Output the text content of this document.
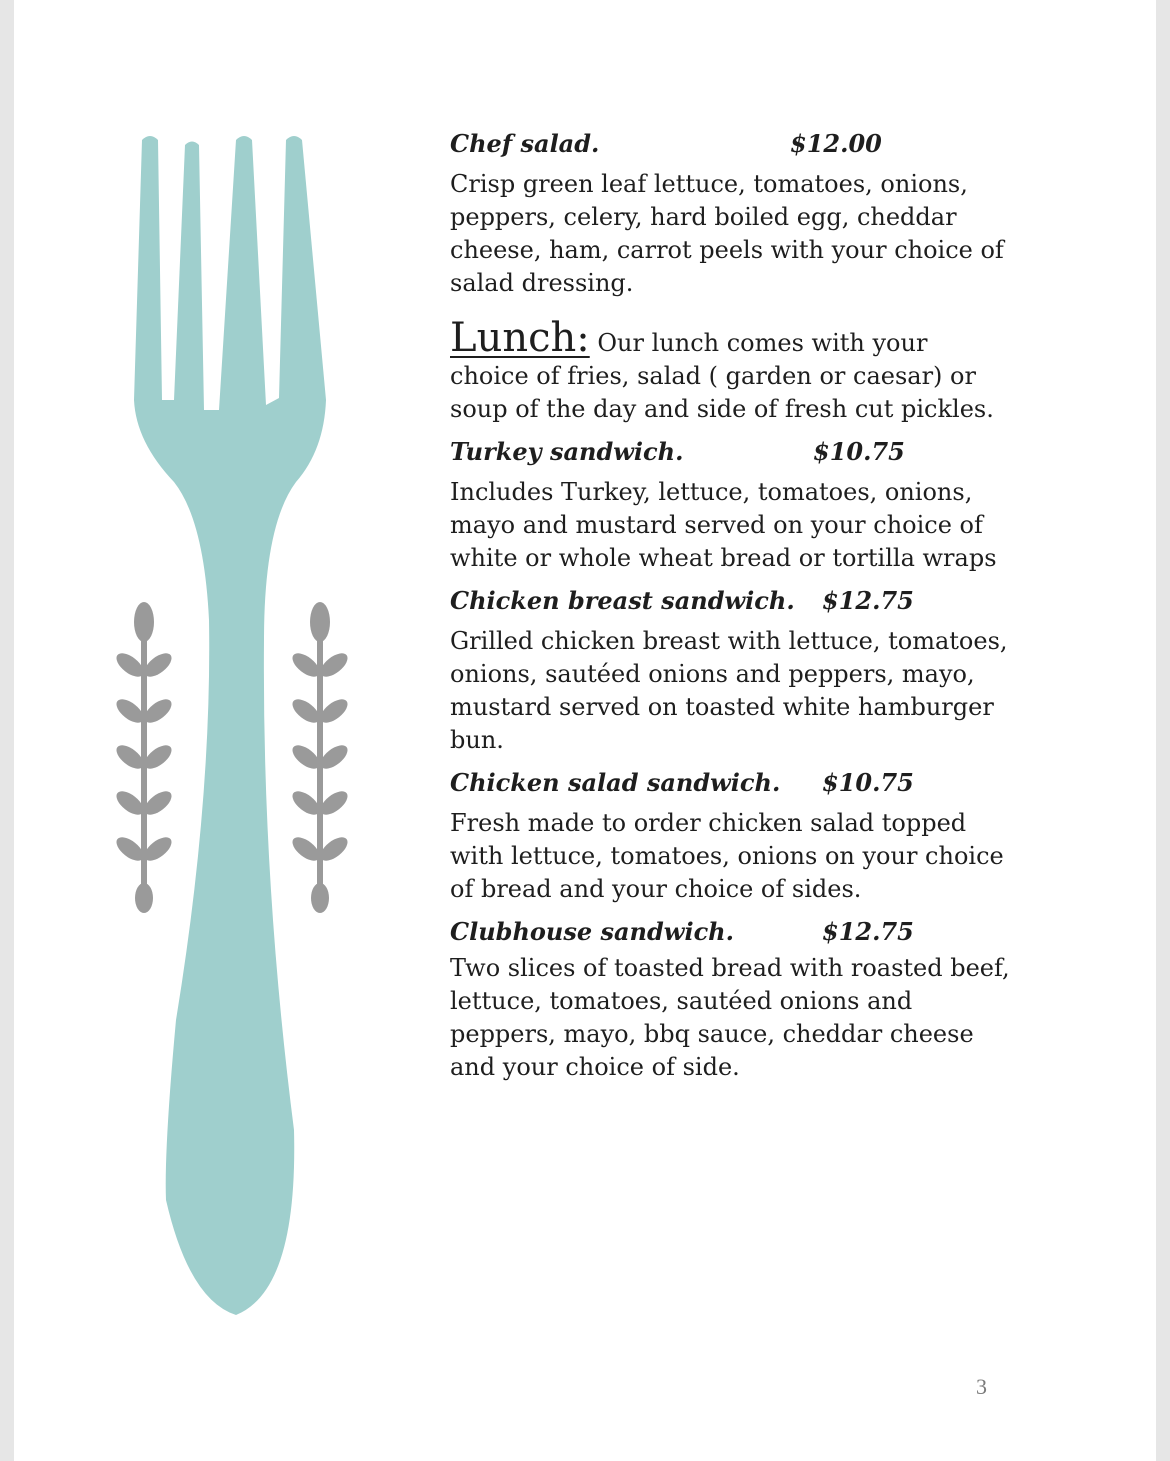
Chef salad.	$12.00

Crisp green leaf lettuce, tomatoes, onions, peppers, celery, hard boiled egg, cheddar cheese, ham, carrot peels with your choice of salad dressing.

Lunch: Our lunch comes with your choice of fries, salad ( garden or caesar) or soup of the day and side of fresh cut pickles.

Turkey sandwich.	$10.75

Includes Turkey, lettuce, tomatoes, onions, mayo and mustard served on your choice of white or whole wheat bread or tortilla wraps

Chicken breast sandwich.	$12.75

Grilled chicken breast with lettuce, tomatoes, onions, sautéed onions and peppers, mayo, mustard served on toasted white hamburger bun.

Chicken salad sandwich.	$10.75

Fresh made to order chicken salad topped with lettuce, tomatoes, onions on your choice of bread and your choice of sides.

Clubhouse sandwich.	$12.75

Two slices of toasted bread with roasted beef, lettuce, tomatoes, sautéed onions and peppers, mayo, bbq sauce, cheddar cheese and your choice of side.

3
